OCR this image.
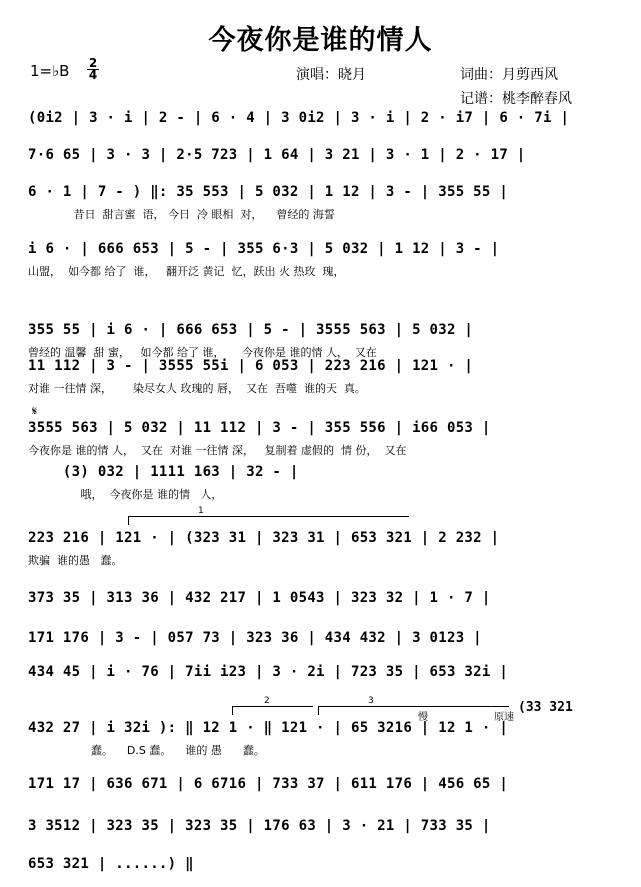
今夜你是谁的情人
1=♭B 2
4	演唱：晓月	词曲：月剪西风
记谱：桃李醉春风
𝄋
1
2	3
慢	原速
(33 321
(0i2 | 3 · i | 2 - | 6 · 4 | 3 0i2 | 3 · i | 2 · i7 | 6 · 7i |
7·6 65 | 3 · 3 | 2·5 723 | 1 64 | 3 21 | 3 · 1 | 2 · 17 |
6 · 1 | 7 - ) ‖: 35 553 | 5 032 | 1 12 | 3 - | 355 55 |
昔日  甜言蜜  语， 今日  冷 眼相  对，    曾经的 海誓
i 6 · | 666 653 | 5 - | 355 6·3 | 5 032 | 1 12 | 3 - |
山盟，  如今都 给了  谁，   翻开泛 黄记  忆，跃出 火 热玫  瑰，
355 55 | i 6 · | 666 653 | 5 - | 3555 563 | 5 032 |
曾经的 温馨  甜 蜜，   如今都 给了 谁，     今夜你是 谁的情 人，  又在
11 112 | 3 - | 3555 55i | 6 053 | 223 216 | 121 · |
对谁 一往情 深，      染尽女人 玫瑰的 唇，  又在  吾噬  谁的天  真。
3555 563 | 5 032 | 11 112 | 3 - | 355 556 | i66 053 |
今夜你是 谁的情 人，  又在  对谁 一往情 深，   复制着 虚假的  情 份，  又在
(3) 032 | 1111 163 | 32 - |
哦，  今夜你是 谁的情   人，
223 216 | 121 · | (323 31 | 323 31 | 653 321 | 2 232 |
欺骗  谁的愚   蠢。
373 35 | 313 36 | 432 217 | 1 0543 | 323 32 | 1 · 7 |
171 176 | 3 - | 057 73 | 323 36 | 434 432 | 3 0123 |
434 45 | i · 76 | 7ii i23 | 3 · 2i | 723 35 | 653 32i |
432 27 | i 32i ): ‖ 12 1 · ‖ 121 · | 65 3216 | 12 1 · |
蠢。    D.S 蠢。    谁的 愚      蠢。
171 17 | 636 671 | 6 6716 | 733 37 | 611 176 | 456 65 |
3 3512 | 323 35 | 323 35 | 176 63 | 3 · 21 | 733 35 |
653 321 | ......) ‖
